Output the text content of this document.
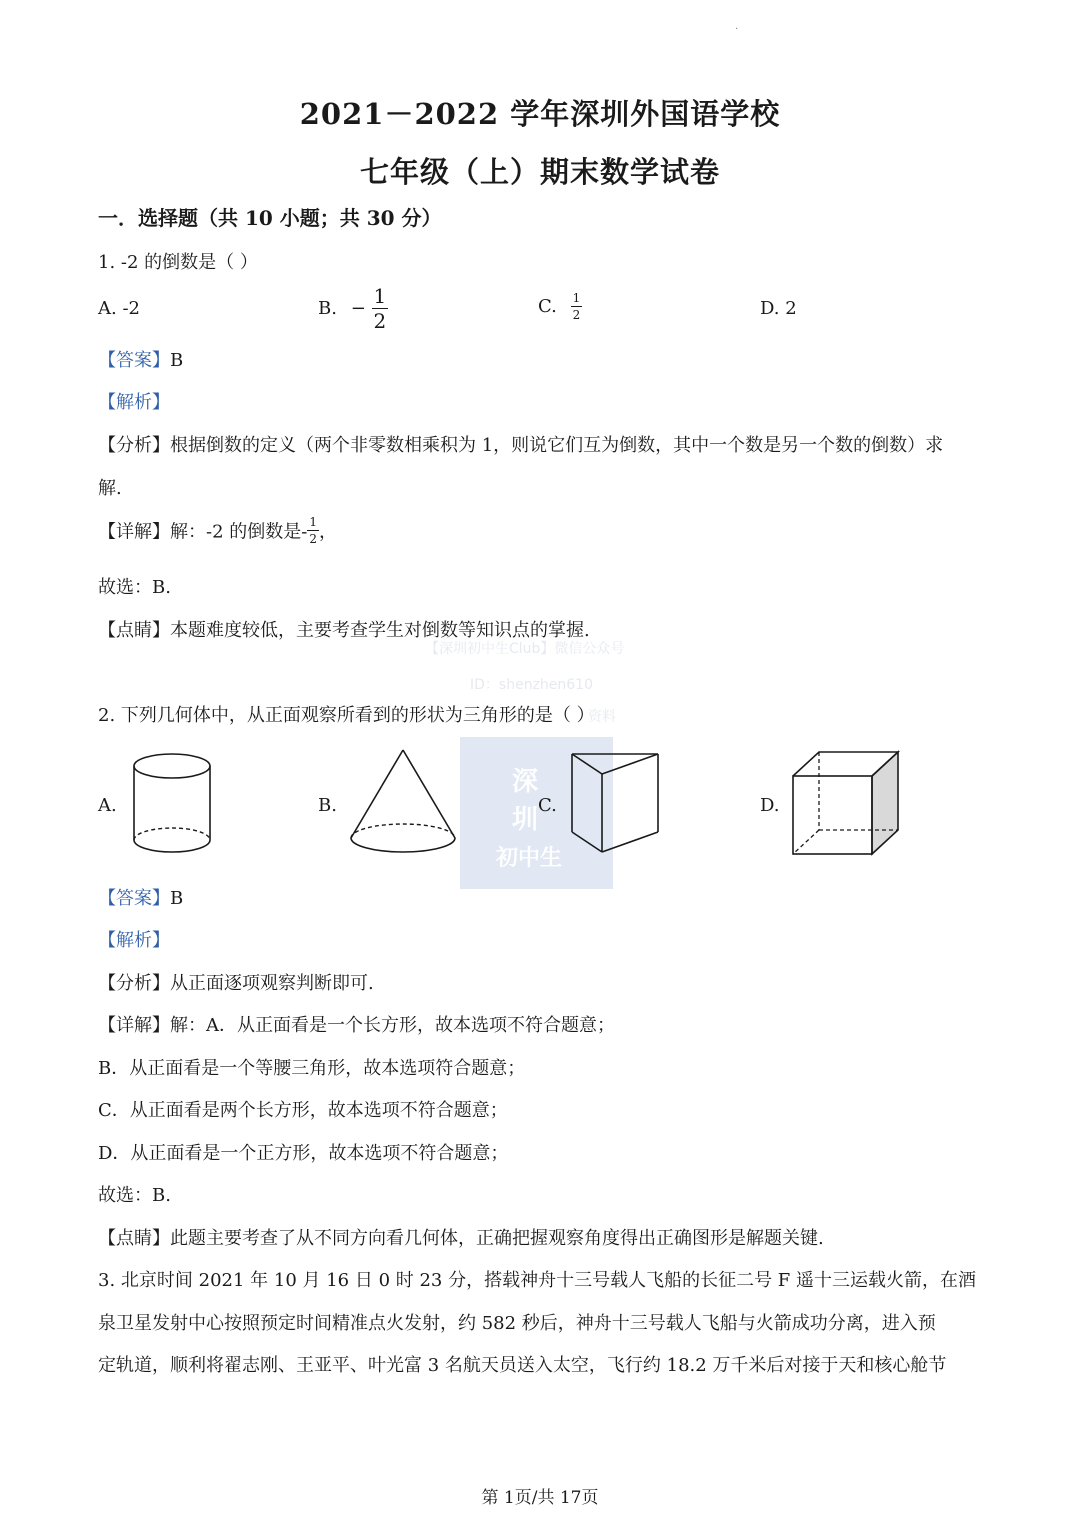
·
2021－2022 学年深圳外国语学校
七年级（上）期末数学试卷
一．选择题（共 10 小题；共 30 分）
1. -2 的倒数是（ ）
A. -2	B. − $\frac{1}{2}$	C. $\frac{1}{2}$	D. 2
【答案】B
【解析】
【分析】根据倒数的定义（两个非零数相乘积为 1，则说它们互为倒数，其中一个数是另一个数的倒数）求
解.
【详解】解：-2 的倒数是- $\frac{1}{2}$ ，
故选：B.
【点睛】本题难度较低，主要考查学生对倒数等知识点的掌握.
【深圳初中生Club】微信公众号
ID：shenzhen610
资料
深
圳
初中生
2. 下列几何体中，从正面观察所看到的形状为三角形的是（ ）
A.	B.	C.	D.
【答案】B
【解析】
【分析】从正面逐项观察判断即可.
【详解】解：A．从正面看是一个长方形，故本选项不符合题意；
B．从正面看是一个等腰三角形，故本选项符合题意；
C．从正面看是两个长方形，故本选项不符合题意；
D．从正面看是一个正方形，故本选项不符合题意；
故选：B.
【点睛】此题主要考查了从不同方向看几何体，正确把握观察角度得出正确图形是解题关键.
3. 北京时间 2021 年 10 月 16 日 0 时 23 分，搭载神舟十三号载人飞船的长征二号 F 遥十三运载火箭，在酒
泉卫星发射中心按照预定时间精准点火发射，约 582 秒后，神舟十三号载人飞船与火箭成功分离，进入预
定轨道，顺利将翟志刚、王亚平、叶光富 3 名航天员送入太空，飞行约 18.2 万千米后对接于天和核心舱节
第 1页/共 17页
